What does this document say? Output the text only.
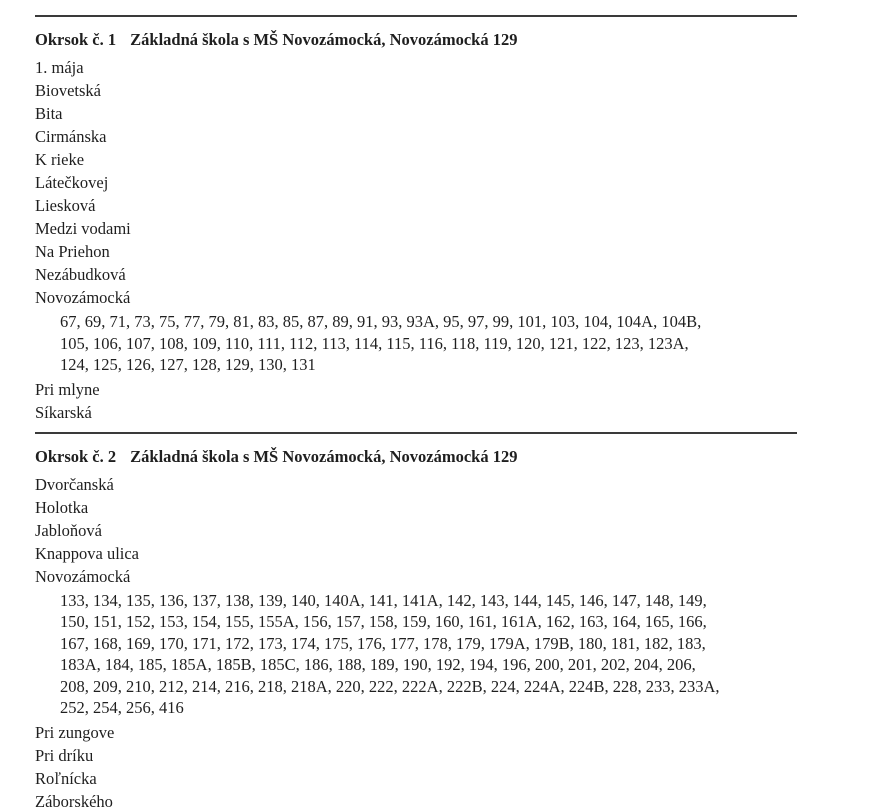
Okrsok č. 1 Základná škola s MŠ Novozámocká, Novozámocká 129
1. mája
Biovetská
Bita
Cirmánska
K rieke
Látečkovej
Liesková
Medzi vodami
Na Priehon
Nezábudková
Novozámocká
67, 69, 71, 73, 75, 77, 79, 81, 83, 85, 87, 89, 91, 93, 93A, 95, 97, 99, 101, 103, 104, 104A, 104B,
105, 106, 107, 108, 109, 110, 111, 112, 113, 114, 115, 116, 118, 119, 120, 121, 122, 123, 123A,
124, 125, 126, 127, 128, 129, 130, 131
Pri mlyne
Síkarská
Okrsok č. 2 Základná škola s MŠ Novozámocká, Novozámocká 129
Dvorčanská
Holotka
Jabloňová
Knappova ulica
Novozámocká
133, 134, 135, 136, 137, 138, 139, 140, 140A, 141, 141A, 142, 143, 144, 145, 146, 147, 148, 149,
150, 151, 152, 153, 154, 155, 155A, 156, 157, 158, 159, 160, 161, 161A, 162, 163, 164, 165, 166,
167, 168, 169, 170, 171, 172, 173, 174, 175, 176, 177, 178, 179, 179A, 179B, 180, 181, 182, 183,
183A, 184, 185, 185A, 185B, 185C, 186, 188, 189, 190, 192, 194, 196, 200, 201, 202, 204, 206,
208, 209, 210, 212, 214, 216, 218, 218A, 220, 222, 222A, 222B, 224, 224A, 224B, 228, 233, 233A,
252, 254, 256, 416
Pri zungove
Pri dríku
Roľnícka
Záborského
